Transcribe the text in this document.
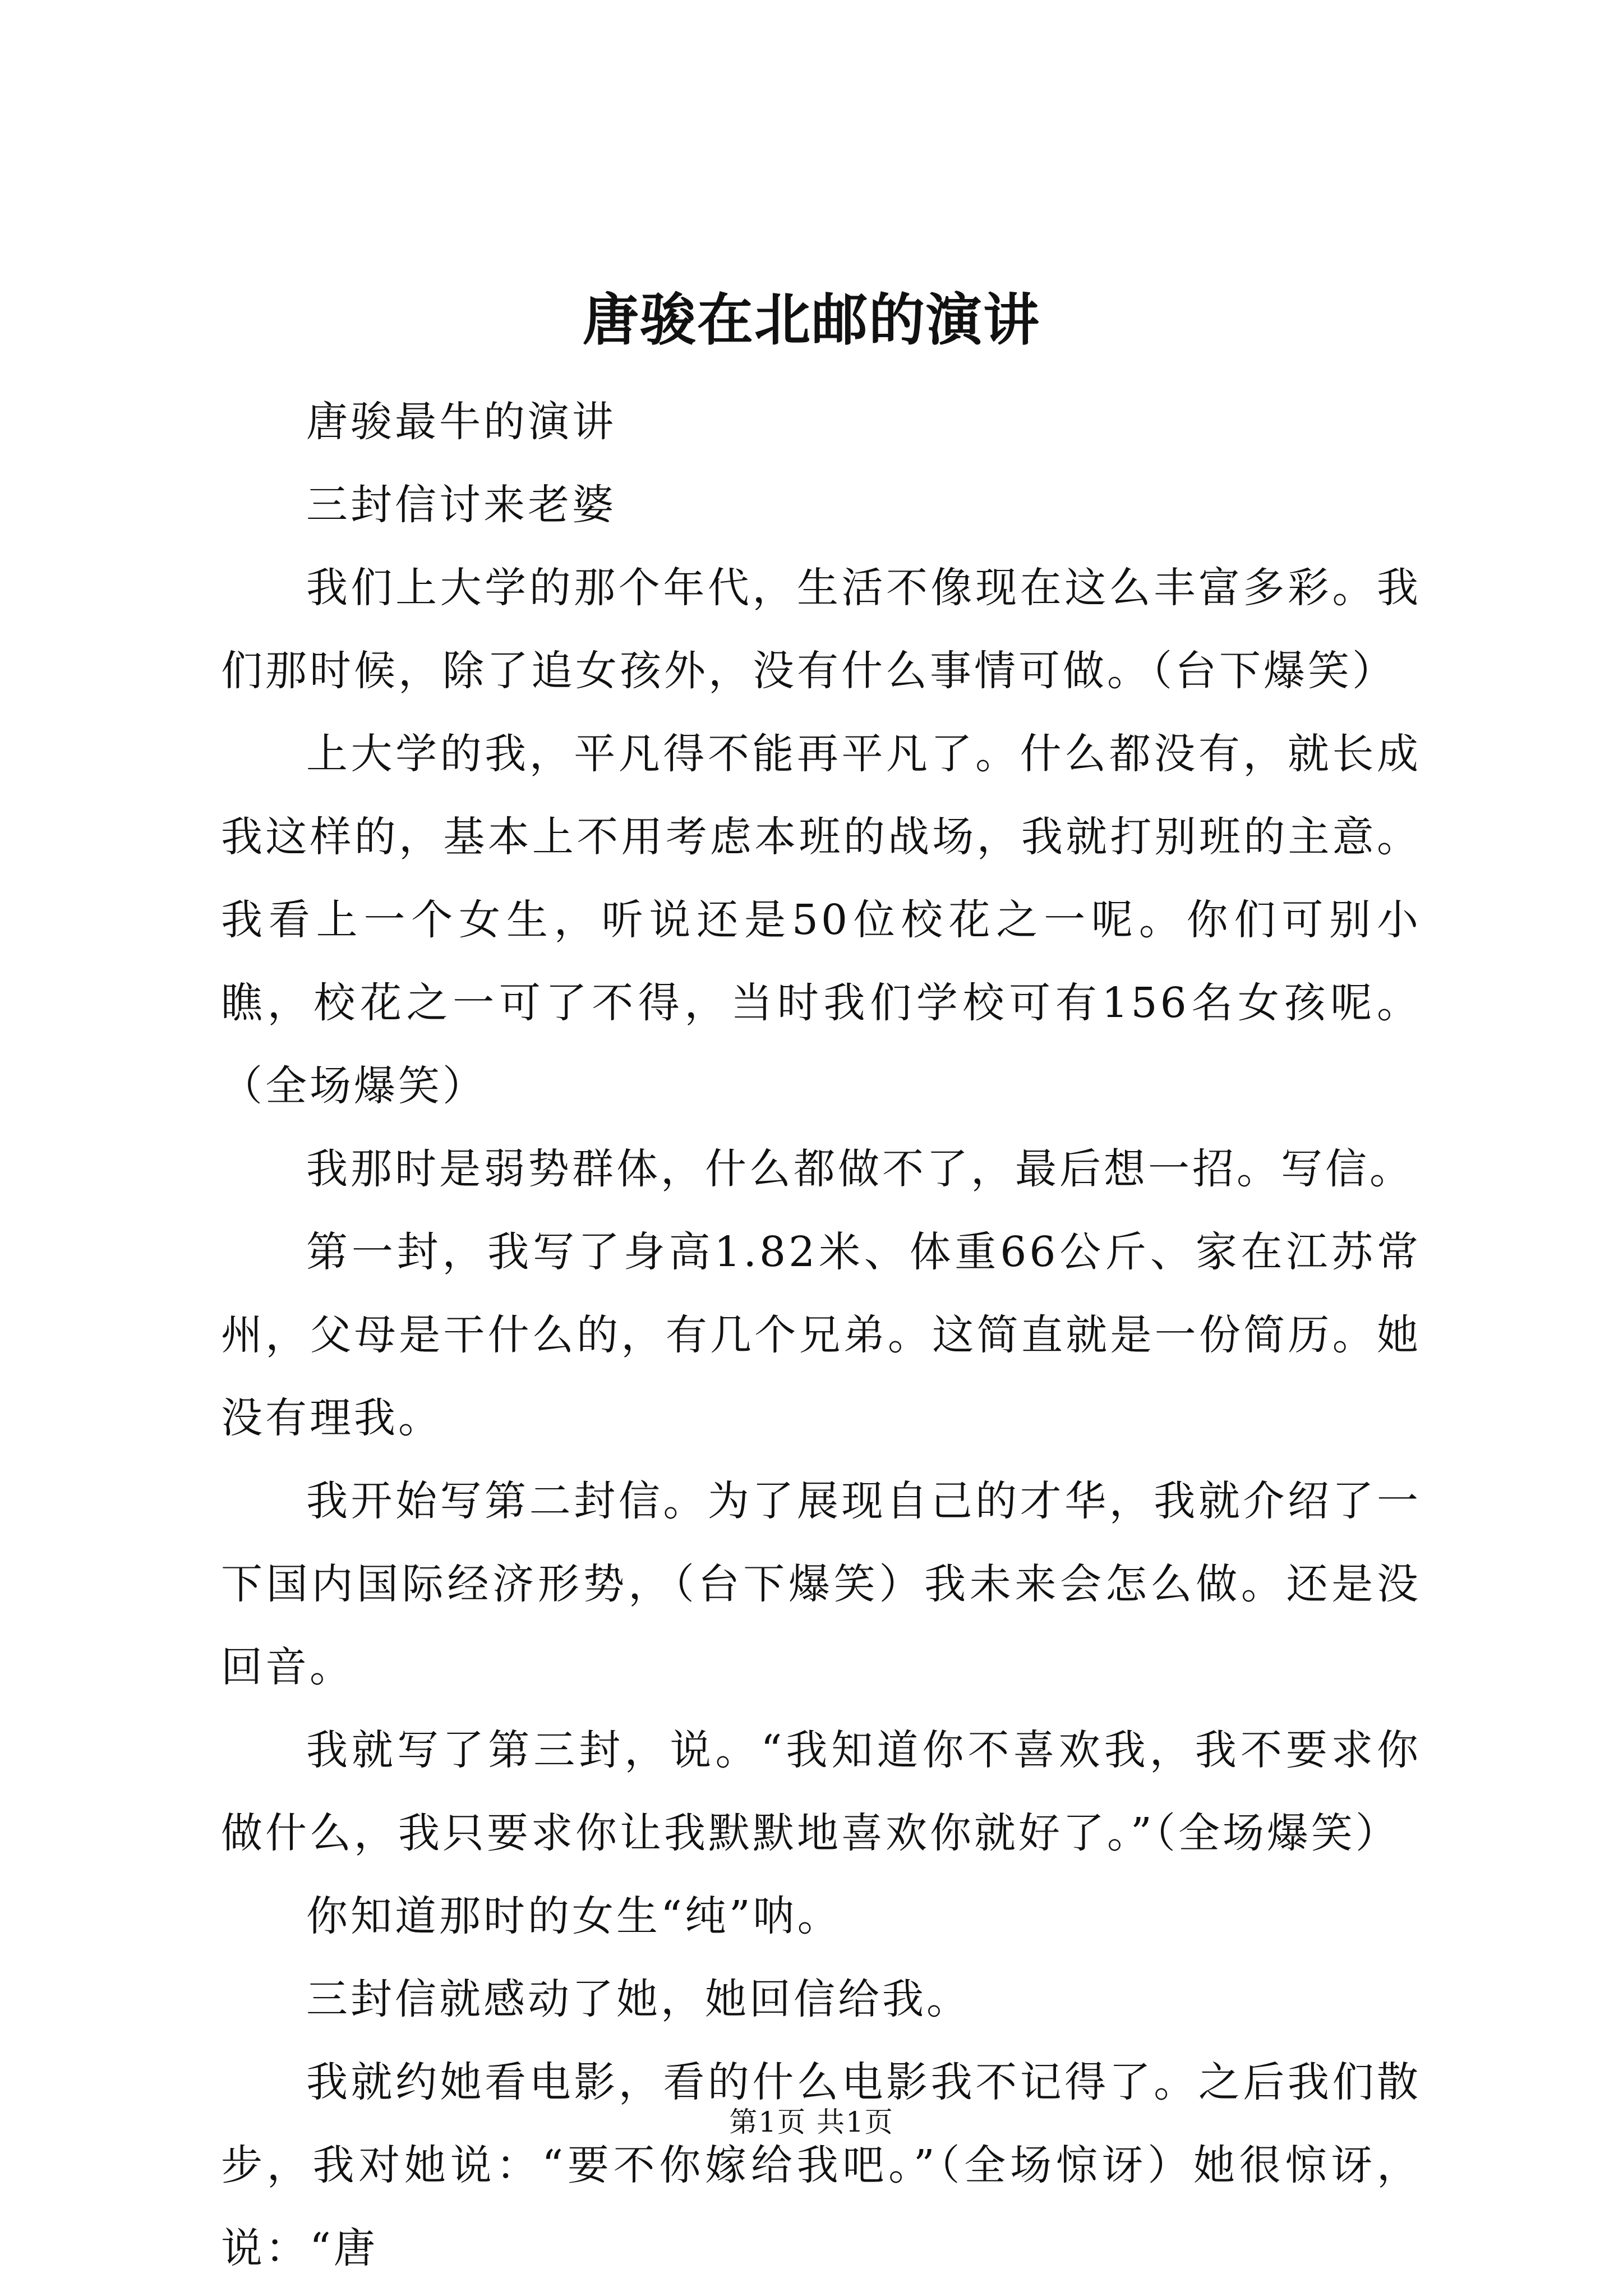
唐骏在北邮的演讲

唐骏最牛的演讲

三封信讨来老婆

我们上大学的那个年代，生活不像现在这么丰富多彩。我们那时候，除了追女孩外，没有什么事情可做。（台下爆笑）

上大学的我，平凡得不能再平凡了。什么都没有，就长成我这样的，基本上不用考虑本班的战场，我就打别班的主意。我看上一个女生，听说还是50位校花之一呢。你们可别小瞧，校花之一可了不得，当时我们学校可有156名女孩呢。（全场爆笑）

我那时是弱势群体，什么都做不了，最后想一招。写信。

第一封，我写了身高1.82米、体重66公斤、家在江苏常州，父母是干什么的，有几个兄弟。这简直就是一份简历。她没有理我。

我开始写第二封信。为了展现自己的才华，我就介绍了一下国内国际经济形势，（台下爆笑）我未来会怎么做。还是没回音。

我就写了第三封，说。“我知道你不喜欢我，我不要求你做什么，我只要求你让我默默地喜欢你就好了。”（全场爆笑）

你知道那时的女生“纯”呐。

三封信就感动了她，她回信给我。

我就约她看电影，看的什么电影我不记得了。之后我们散步，我对她说：“要不你嫁给我吧。”（全场惊讶）她很惊讶，说：“唐

第1页 共1页
